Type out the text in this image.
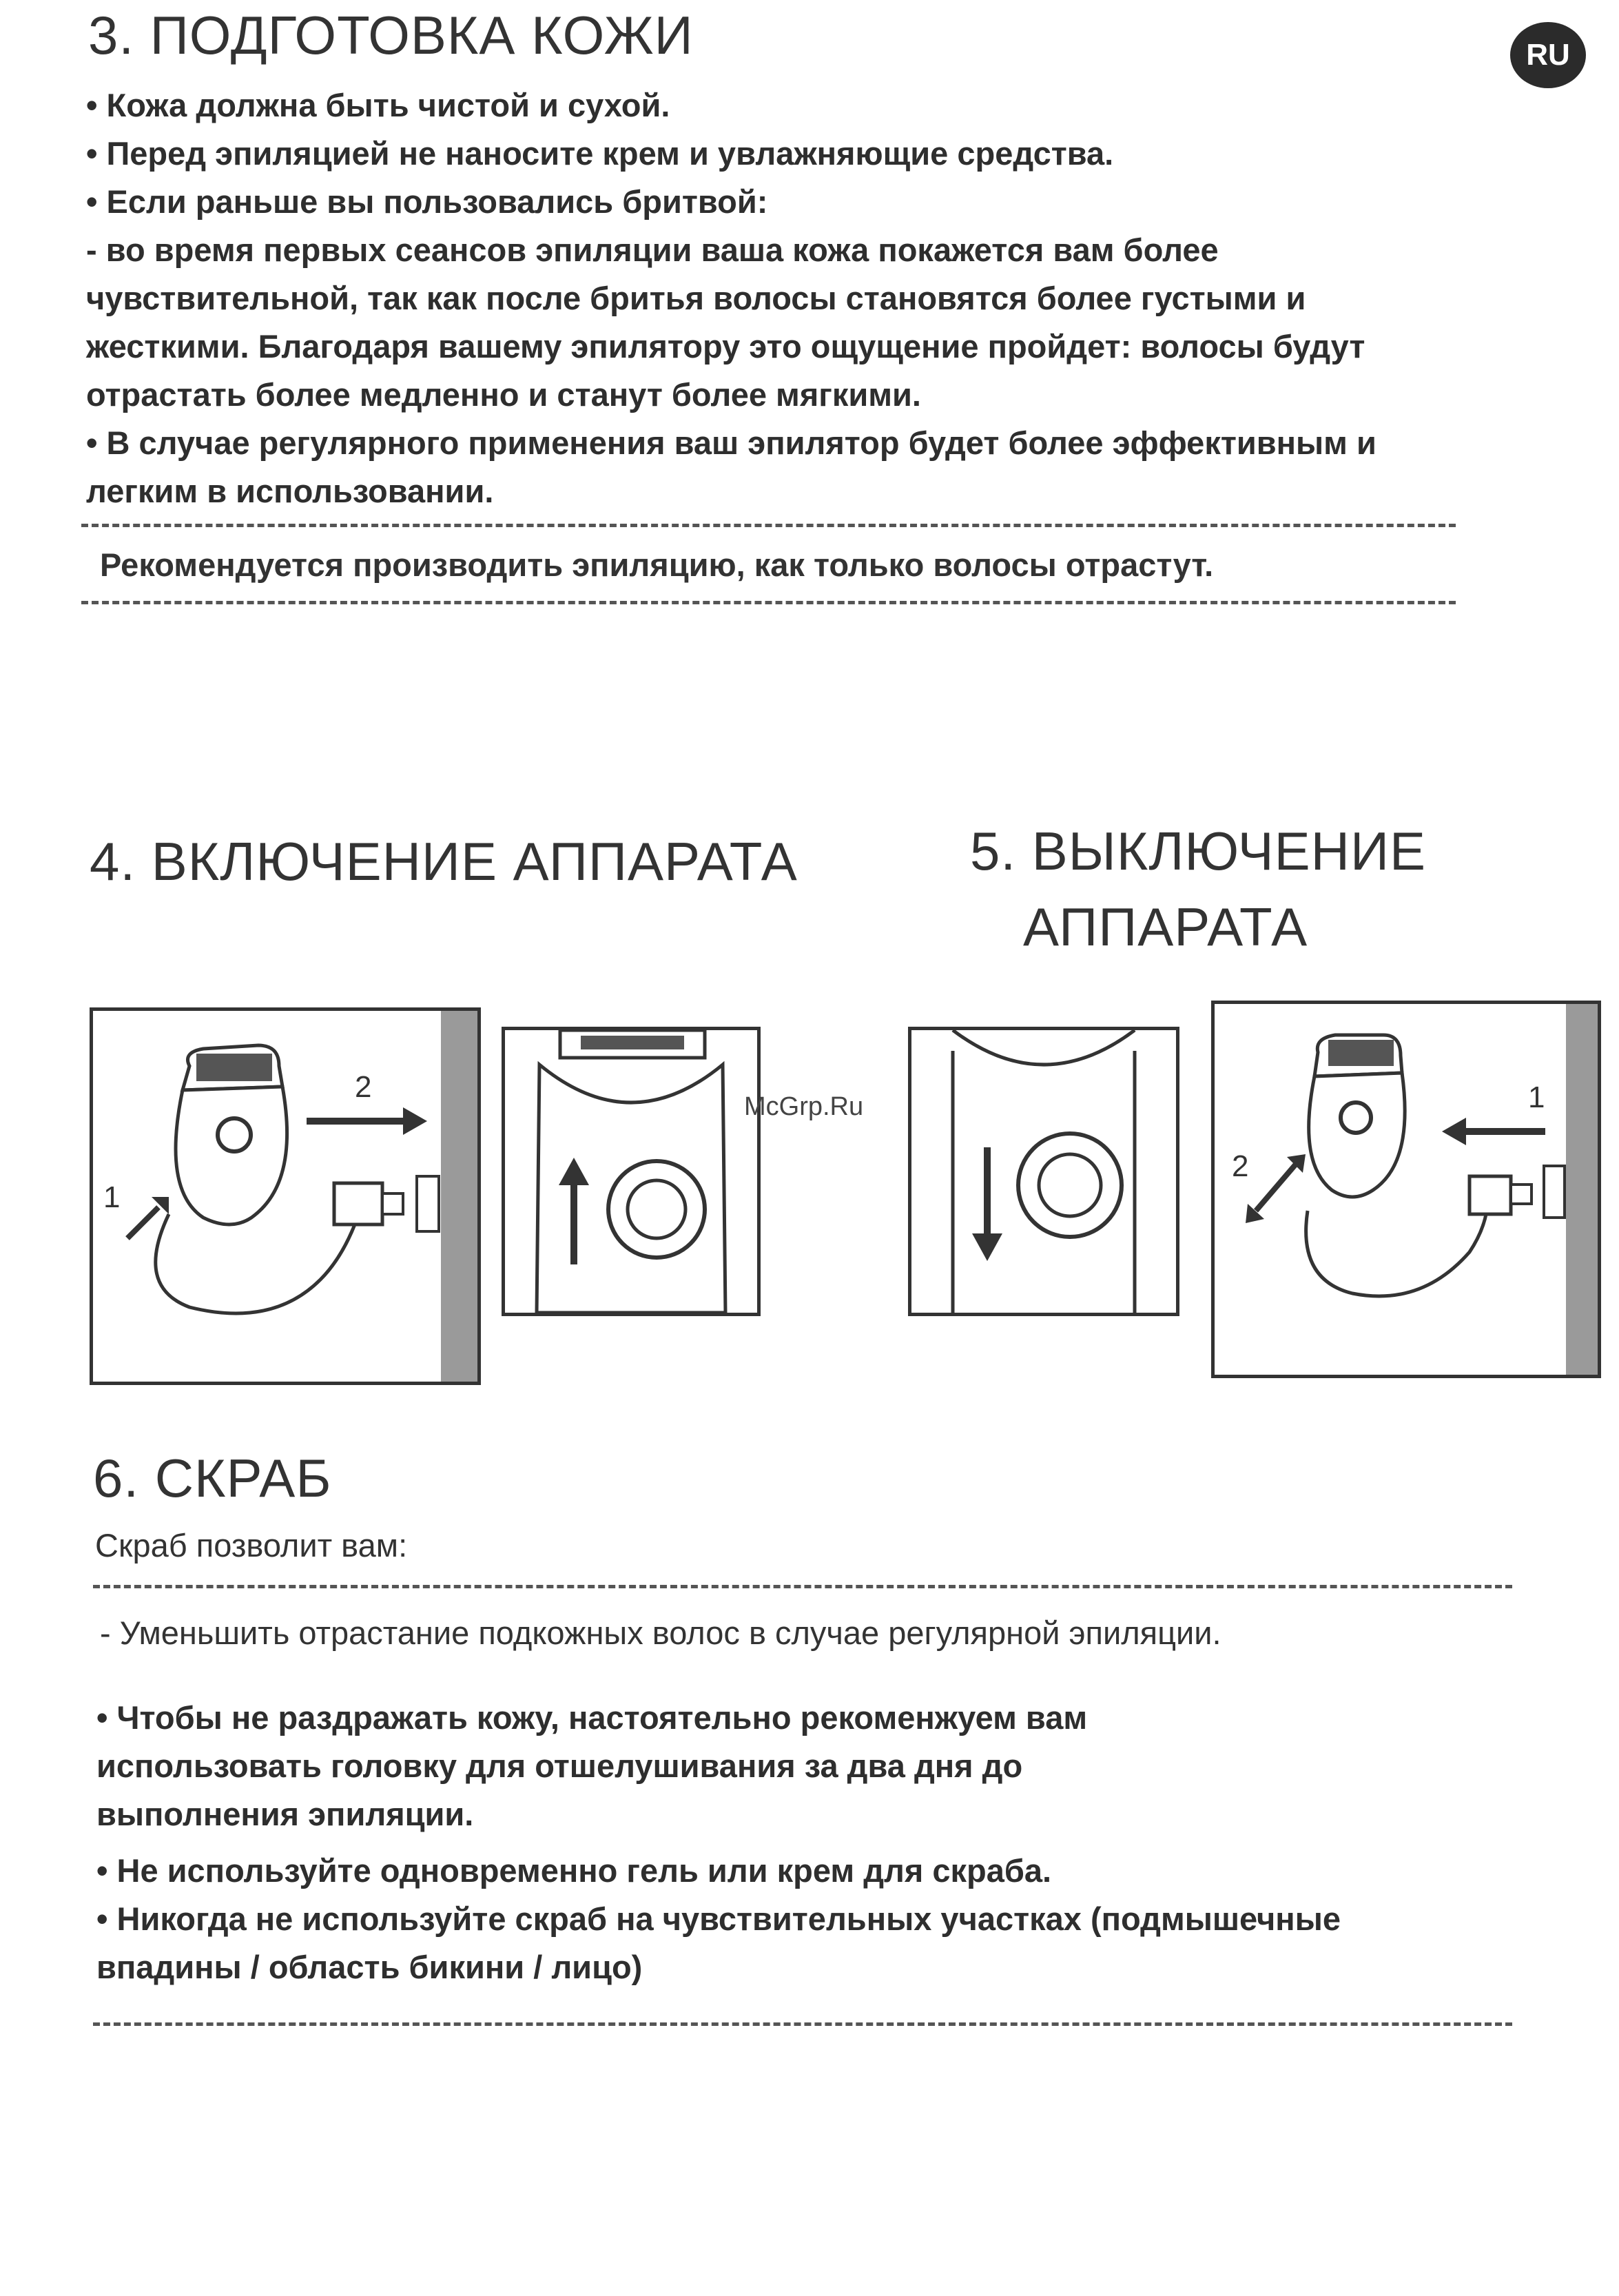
RU
3. ПОДГОТОВКА КОЖИ

• Кожа должна быть чистой и сухой.

• Перед эпиляцией не наносите крем и увлажняющие средства.

• Если раньше вы пользовались бритвой:

- во время первых сеансов эпиляции ваша кожа покажется вам более

чувствительной, так как после бритья волосы становятся более густыми и

жесткими. Благодаря вашему эпилятору это ощущение пройдет: волосы будут

отрастать более медленно и станут более мягкими.

• В случае регулярного применения ваш эпилятор будет более эффективным и

легким в использовании.

Рекомендуется производить эпиляцию, как только волосы отрастут.

4. ВКЛЮЧЕНИЕ АППАРАТА	5. ВЫКЛЮЧЕНИЕ
АППАРАТА
2
1
1
2
McGrp.Ru
6. СКРАБ

Скраб позволит вам:

- Уменьшить отрастание подкожных волос в случае регулярной эпиляции.

• Чтобы не раздражать кожу, настоятельно рекоменжуем вам

использовать головку для отшелушивания за два дня до

выполнения эпиляции.

• Не используйте одновременно гель или крем для скраба.

• Никогда не используйте скраб на чувствительных участках (подмышечные

впадины / область бикини / лицо)
